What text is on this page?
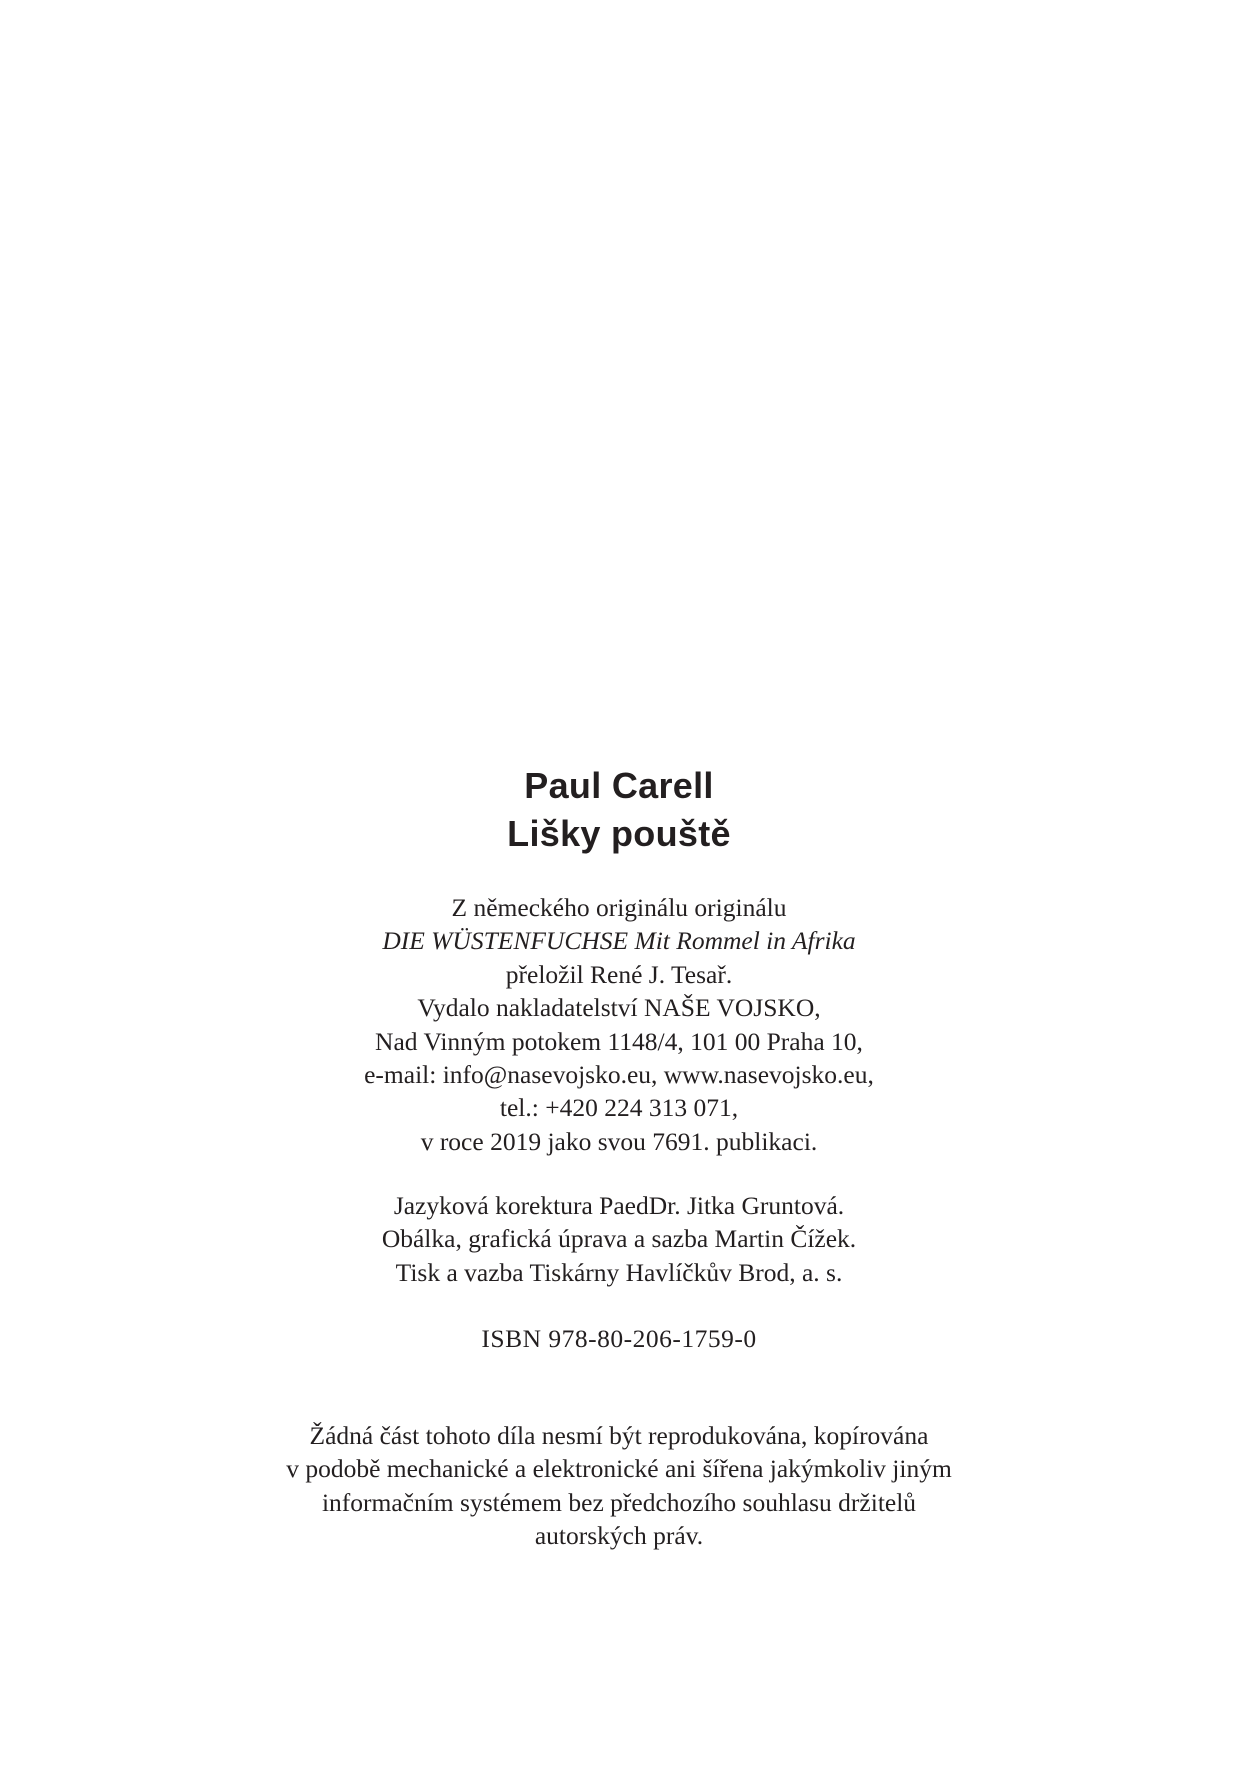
Paul Carell
Lišky pouště
Z německého originálu originálu
DIE WÜSTENFUCHSE Mit Rommel in Afrika
přeložil René J. Tesař.
Vydalo nakladatelství NAŠE VOJSKO,
Nad Vinným potokem 1148/4, 101 00 Praha 10,
e-mail: info@nasevojsko.eu, www.nasevojsko.eu,
tel.: +420 224 313 071,
v roce 2019 jako svou 7691. publikaci.
Jazyková korektura PaedDr. Jitka Gruntová.
Obálka, grafická úprava a sazba Martin Čížek.
Tisk a vazba Tiskárny Havlíčkův Brod, a. s.
ISBN 978-80-206-1759-0
Žádná část tohoto díla nesmí být reprodukována, kopírována
v podobě mechanické a elektronické ani šířena jakýmkoliv jiným
informačním systémem bez předchozího souhlasu držitelů
autorských práv.
